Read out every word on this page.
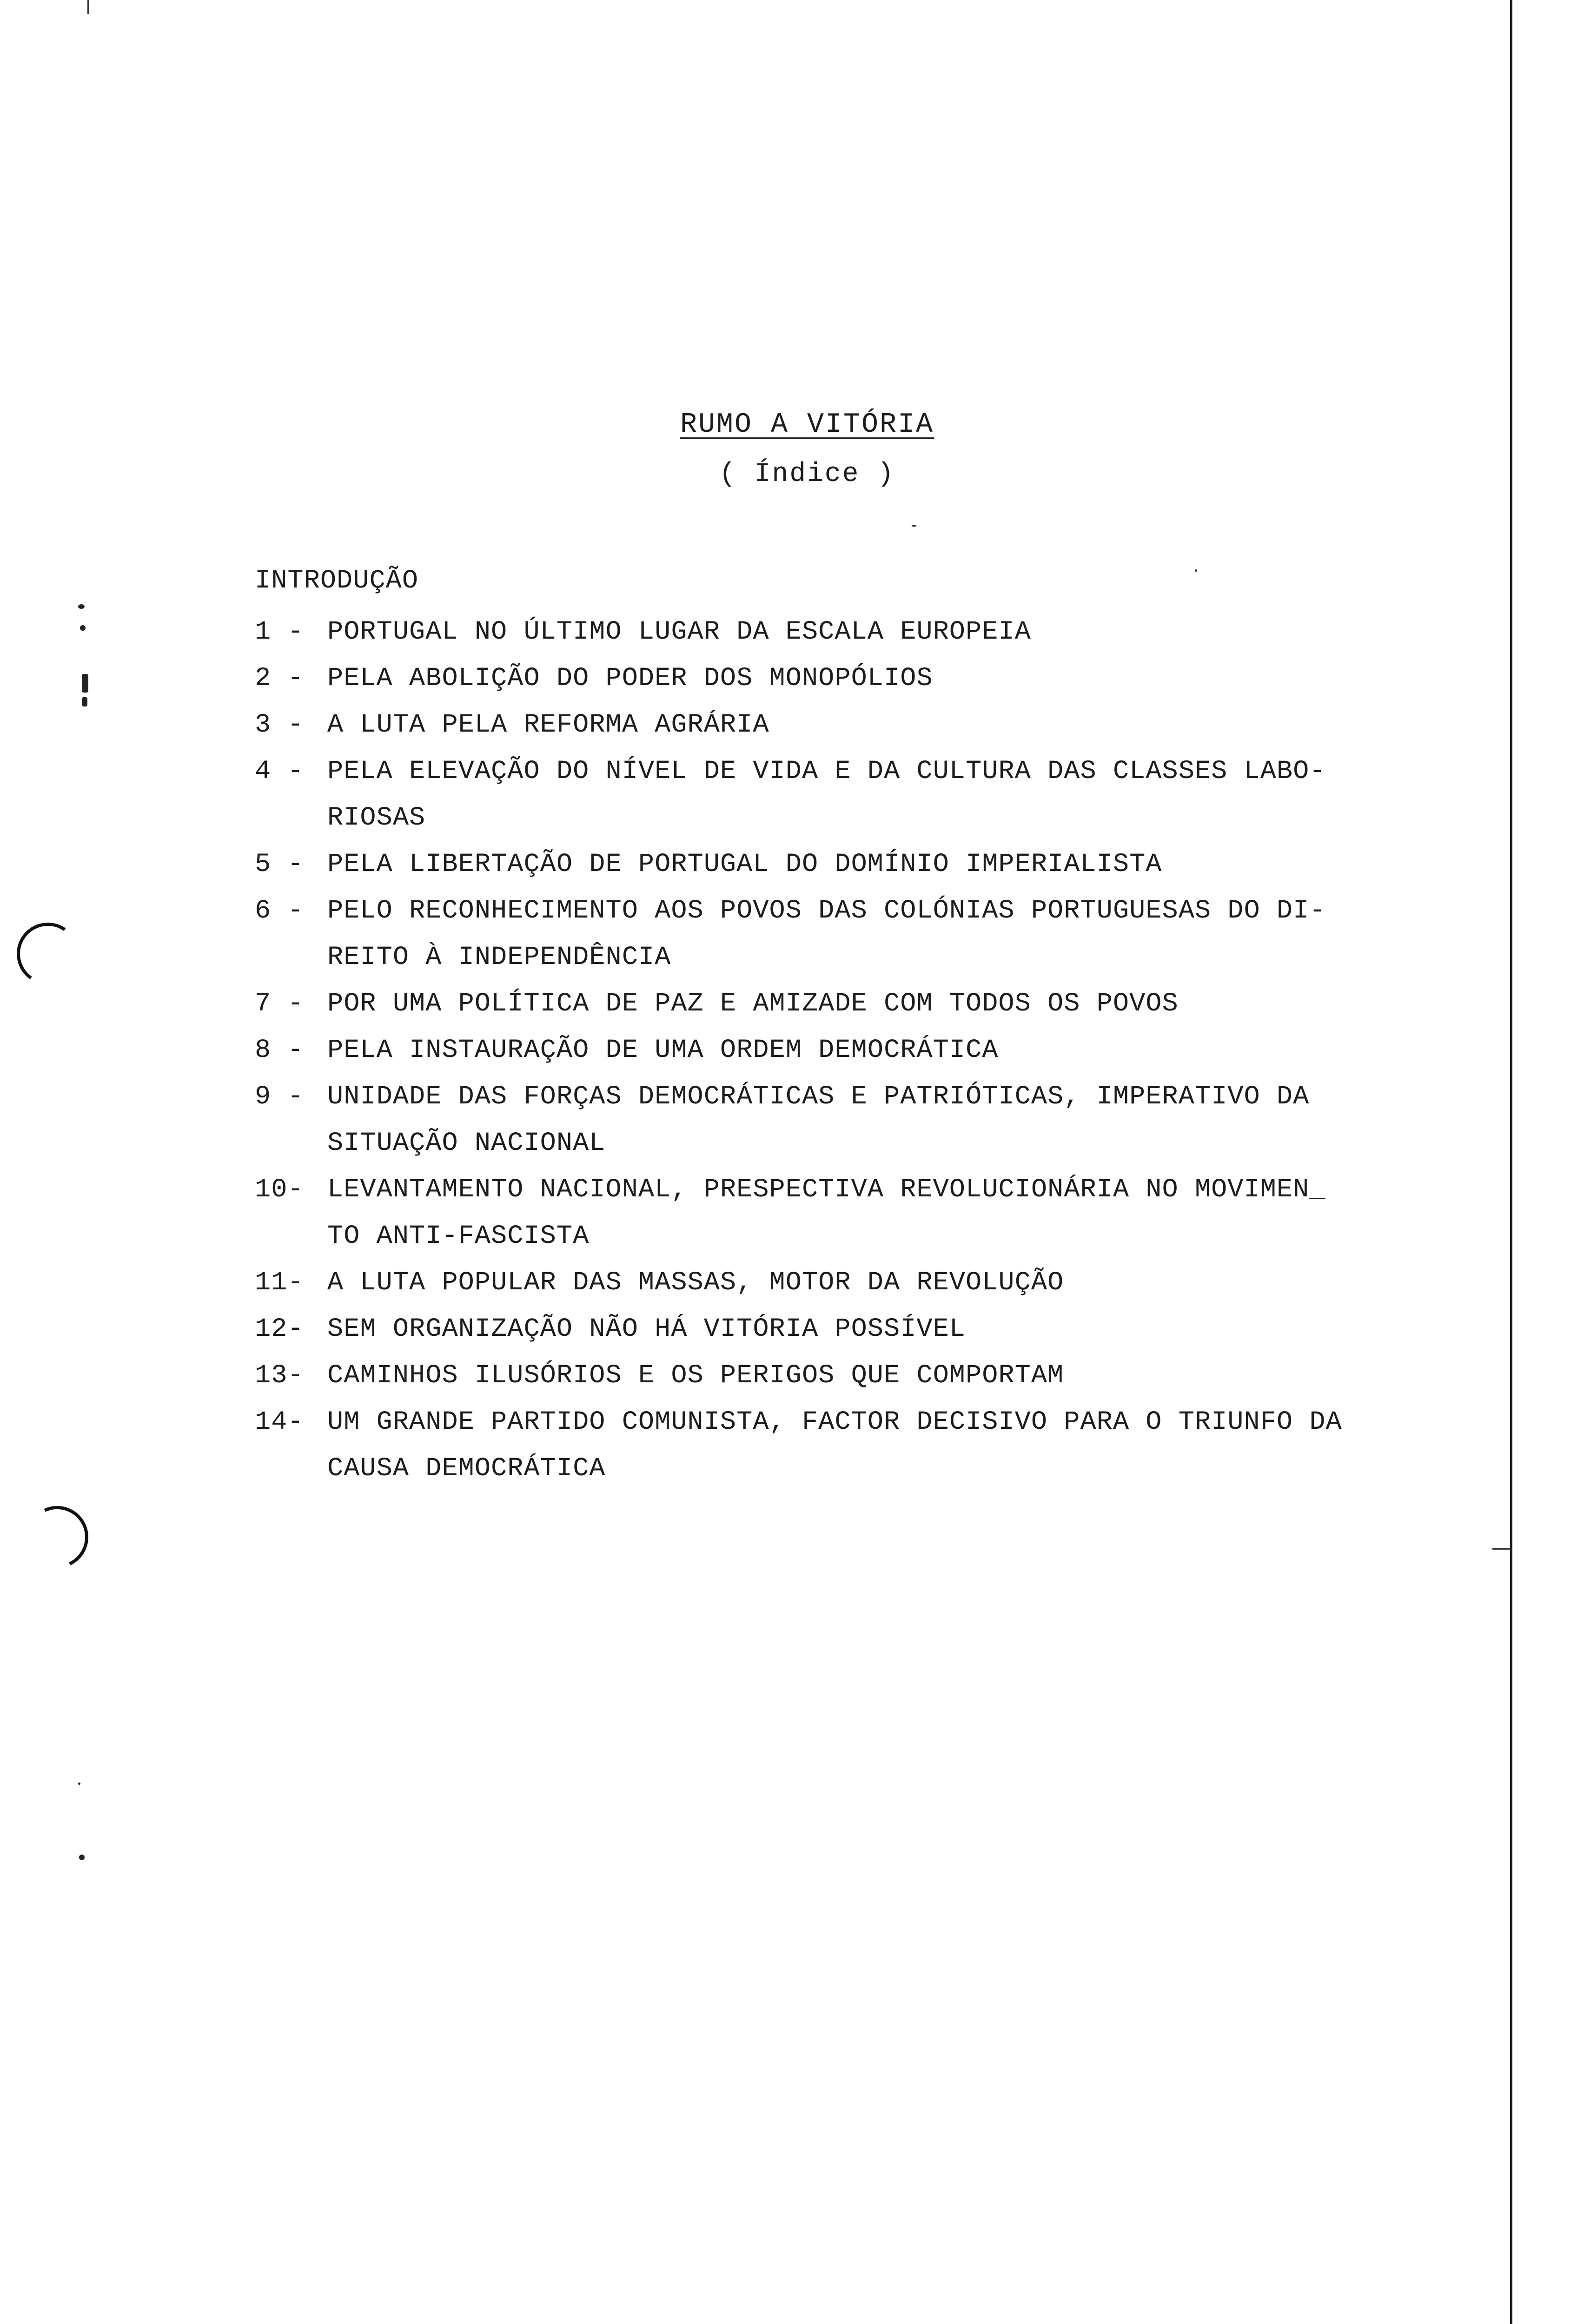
RUMO A VITÓRIA
( Índice )
INTRODUÇÃO
1 - PORTUGAL NO ÚLTIMO LUGAR DA ESCALA EUROPEIA
2 - PELA ABOLIÇÃO DO PODER DOS MONOPÓLIOS
3 - A LUTA PELA REFORMA AGRÁRIA
4 - PELA ELEVAÇÃO DO NÍVEL DE VIDA E DA CULTURA DAS CLASSES LABO-
RIOSAS
5 - PELA LIBERTAÇÃO DE PORTUGAL DO DOMÍNIO IMPERIALISTA
6 - PELO RECONHECIMENTO AOS POVOS DAS COLÓNIAS PORTUGUESAS DO DI-
REITO À INDEPENDÊNCIA
7 - POR UMA POLÍTICA DE PAZ E AMIZADE COM TODOS OS POVOS
8 - PELA INSTAURAÇÃO DE UMA ORDEM DEMOCRÁTICA
9 - UNIDADE DAS FORÇAS DEMOCRÁTICAS E PATRIÓTICAS, IMPERATIVO DA
SITUAÇÃO NACIONAL
10- LEVANTAMENTO NACIONAL, PRESPECTIVA REVOLUCIONÁRIA NO MOVIMEN_
TO ANTI-FASCISTA
11- A LUTA POPULAR DAS MASSAS, MOTOR DA REVOLUÇÃO
12- SEM ORGANIZAÇÃO NÃO HÁ VITÓRIA POSSÍVEL
13- CAMINHOS ILUSÓRIOS E OS PERIGOS QUE COMPORTAM
14- UM GRANDE PARTIDO COMUNISTA, FACTOR DECISIVO PARA O TRIUNFO DA
CAUSA DEMOCRÁTICA
